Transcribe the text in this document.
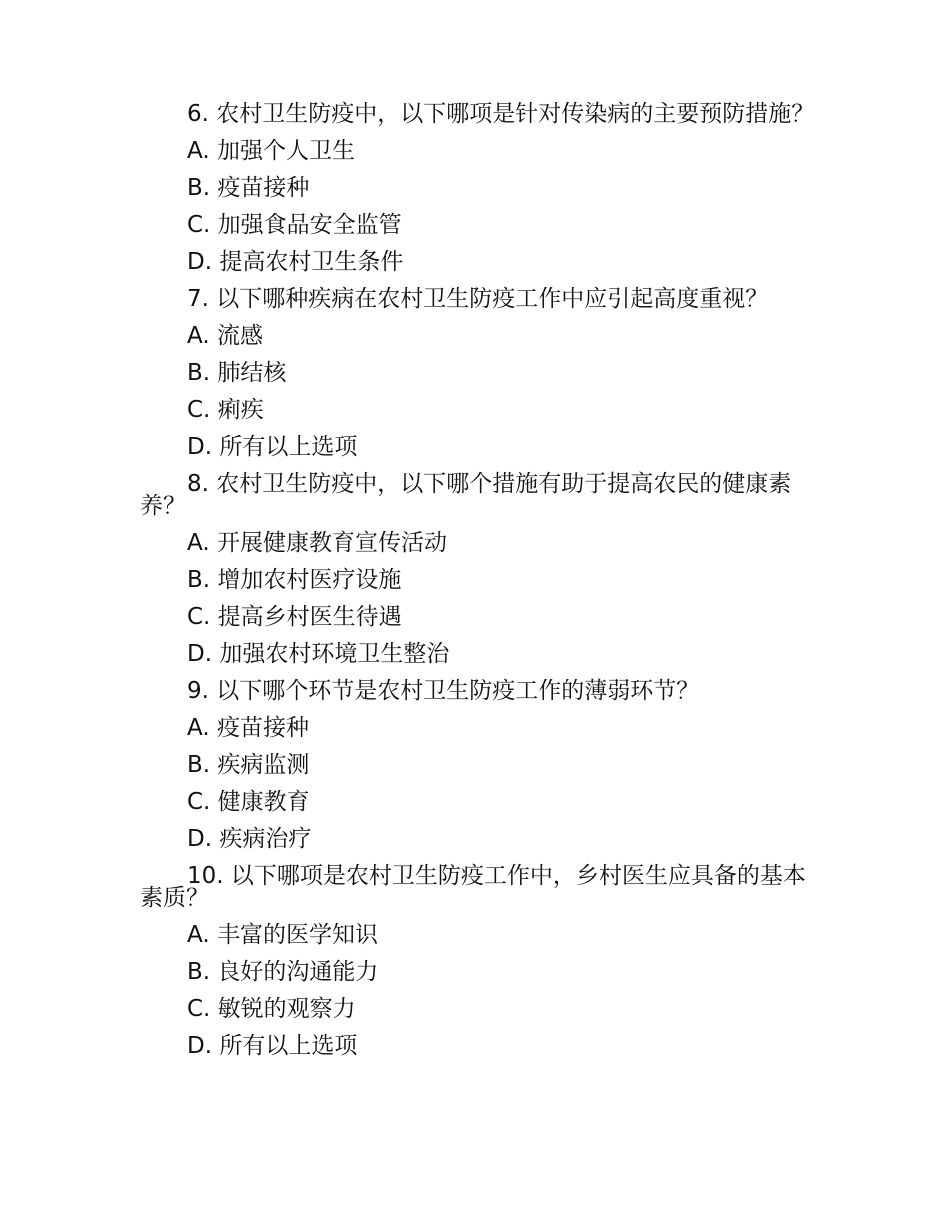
6. 农村卫生防疫中，以下哪项是针对传染病的主要预防措施？

A. 加强个人卫生

B. 疫苗接种

C. 加强食品安全监管

D. 提高农村卫生条件

7. 以下哪种疾病在农村卫生防疫工作中应引起高度重视？

A. 流感

B. 肺结核

C. 痢疾

D. 所有以上选项

8. 农村卫生防疫中，以下哪个措施有助于提高农民的健康素养？

A. 开展健康教育宣传活动

B. 增加农村医疗设施

C. 提高乡村医生待遇

D. 加强农村环境卫生整治

9. 以下哪个环节是农村卫生防疫工作的薄弱环节？

A. 疫苗接种

B. 疾病监测

C. 健康教育

D. 疾病治疗

10. 以下哪项是农村卫生防疫工作中，乡村医生应具备的基本素质？

A. 丰富的医学知识

B. 良好的沟通能力

C. 敏锐的观察力

D. 所有以上选项
